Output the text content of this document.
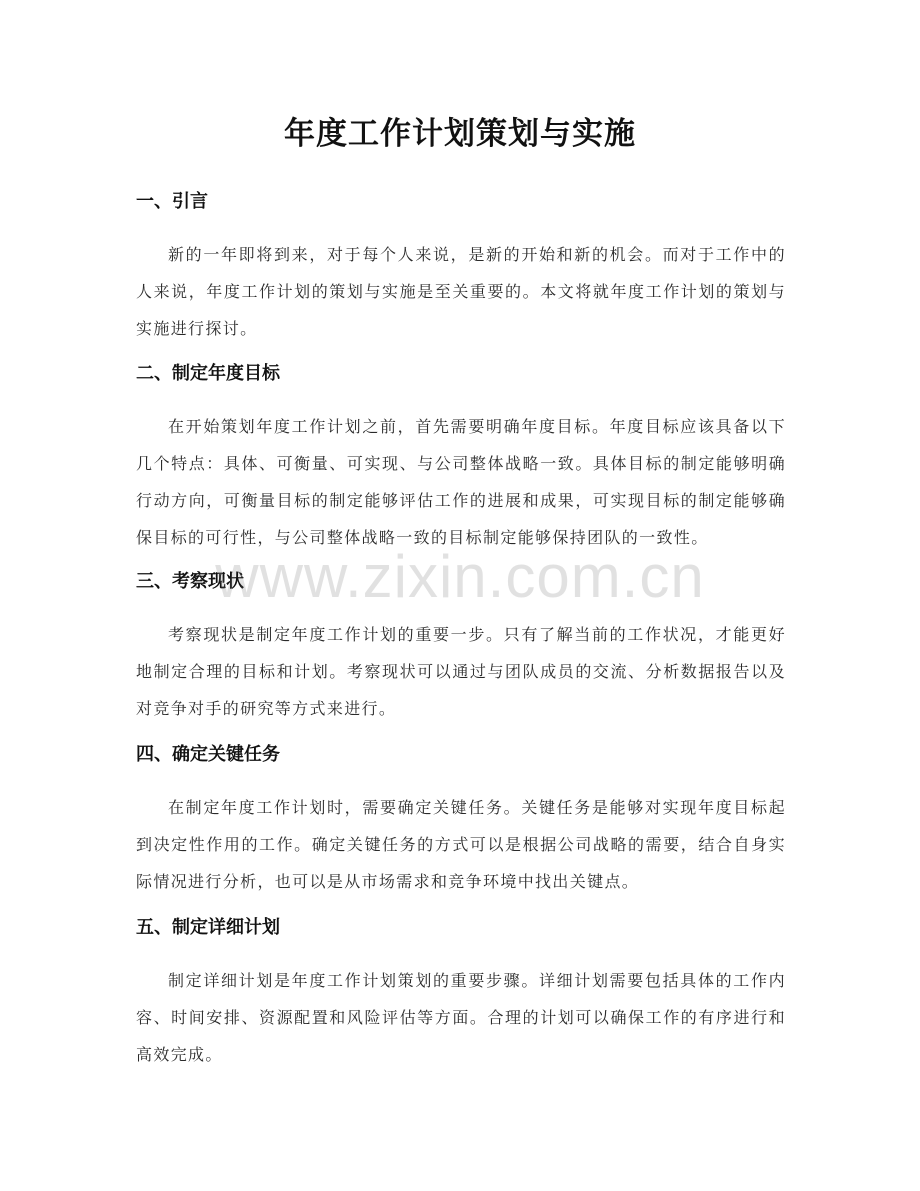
年度工作计划策划与实施
一、引言

新的一年即将到来，对于每个人来说，是新的开始和新的机会。而对于工作中的人来说，年度工作计划的策划与实施是至关重要的。本文将就年度工作计划的策划与实施进行探讨。

二、制定年度目标

在开始策划年度工作计划之前，首先需要明确年度目标。年度目标应该具备以下几个特点：具体、可衡量、可实现、与公司整体战略一致。具体目标的制定能够明确行动方向，可衡量目标的制定能够评估工作的进展和成果，可实现目标的制定能够确保目标的可行性，与公司整体战略一致的目标制定能够保持团队的一致性。

三、考察现状

考察现状是制定年度工作计划的重要一步。只有了解当前的工作状况，才能更好地制定合理的目标和计划。考察现状可以通过与团队成员的交流、分析数据报告以及对竞争对手的研究等方式来进行。

四、确定关键任务

在制定年度工作计划时，需要确定关键任务。关键任务是能够对实现年度目标起到决定性作用的工作。确定关键任务的方式可以是根据公司战略的需要，结合自身实际情况进行分析，也可以是从市场需求和竞争环境中找出关键点。

五、制定详细计划

制定详细计划是年度工作计划策划的重要步骤。详细计划需要包括具体的工作内容、时间安排、资源配置和风险评估等方面。合理的计划可以确保工作的有序进行和高效完成。

www.zixin.com.cn
